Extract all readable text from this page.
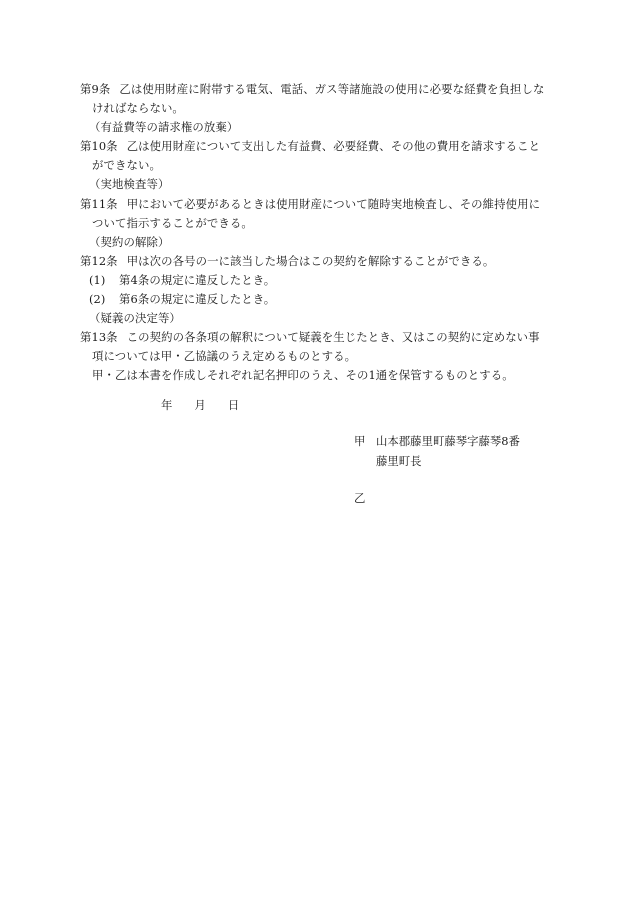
第9条 乙は使用財産に附帯する電気、電話、ガス等諸施設の使用に必要な経費を負担しなければならない。

（有益費等の請求権の放棄）

第10条 乙は使用財産について支出した有益費、必要経費、その他の費用を請求することができない。

（実地検査等）

第11条 甲において必要があるときは使用財産について随時実地検査し、その維持使用について指示することができる。

（契約の解除）

第12条 甲は次の各号の一に該当した場合はこの契約を解除することができる。

(1) 第4条の規定に違反したとき。

(2) 第6条の規定に違反したとき。

（疑義の決定等）

第13条 この契約の各条項の解釈について疑義を生じたとき、又はこの契約に定めない事項については甲・乙協議のうえ定めるものとする。

甲・乙は本書を作成しそれぞれ記名押印のうえ、その1通を保管するものとする。

年 月 日
甲 山本郡藤里町藤琴字藤琴8番
藤里町長
乙
